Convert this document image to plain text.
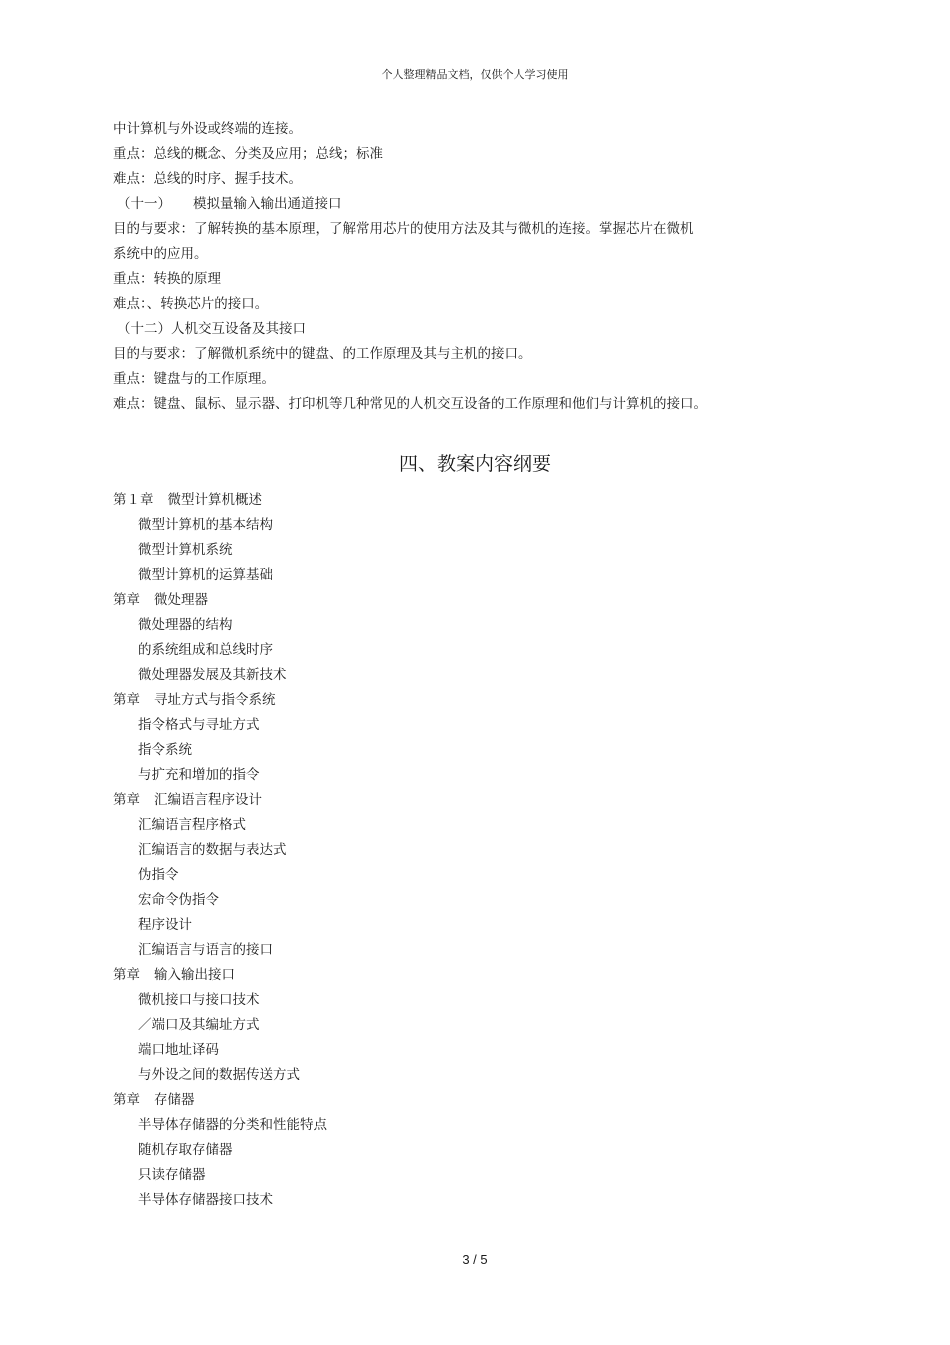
个人整理精品文档，仅供个人学习使用
中计算机与外设或终端的连接。
重点：总线的概念、分类及应用；总线；标准
难点：总线的时序、握手技术。
（十一） 模拟量输入输出通道接口
目的与要求：了解转换的基本原理，了解常用芯片的使用方法及其与微机的连接。掌握芯片在微机
系统中的应用。
重点：转换的原理
难点：、转换芯片的接口。
（十二）人机交互设备及其接口
目的与要求：了解微机系统中的键盘、的工作原理及其与主机的接口。
重点：键盘与的工作原理。
难点：键盘、鼠标、显示器、打印机等几种常见的人机交互设备的工作原理和他们与计算机的接口。
四、教案内容纲要
第１章 微型计算机概述
微型计算机的基本结构
微型计算机系统
微型计算机的运算基础
第章 微处理器
微处理器的结构
的系统组成和总线时序
微处理器发展及其新技术
第章 寻址方式与指令系统
指令格式与寻址方式
指令系统
与扩充和增加的指令
第章 汇编语言程序设计
汇编语言程序格式
汇编语言的数据与表达式
伪指令
宏命令伪指令
程序设计
汇编语言与语言的接口
第章 输入输出接口
微机接口与接口技术
／端口及其编址方式
端口地址译码
与外设之间的数据传送方式
第章 存储器
半导体存储器的分类和性能特点
随机存取存储器
只读存储器
半导体存储器接口技术
3 / 5
